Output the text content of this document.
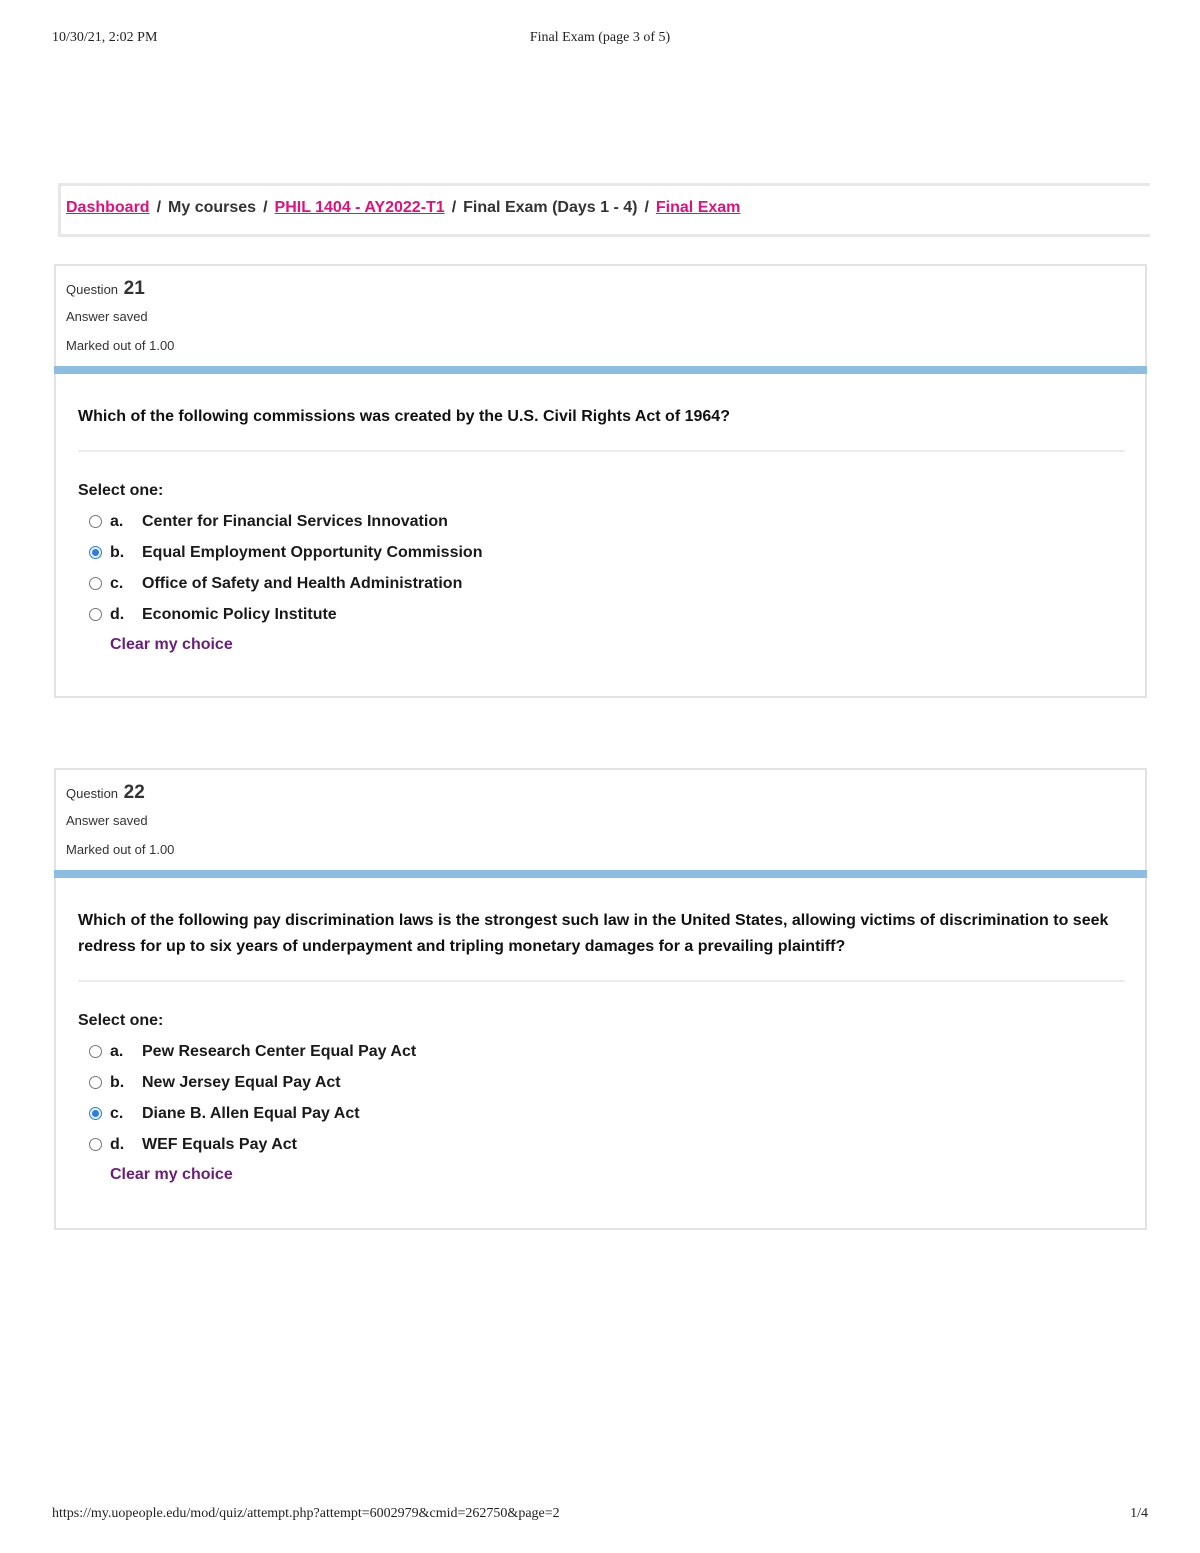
10/30/21, 2:02 PM	Final Exam (page 3 of 5)
Dashboard / My courses / PHIL 1404 - AY2022-T1 / Final Exam (Days 1 - 4) / Final Exam
Question 21
Answer saved
Marked out of 1.00
Which of the following commissions was created by the U.S. Civil Rights Act of 1964?
Select one:
a.	Center for Financial Services Innovation
b.	Equal Employment Opportunity Commission
c.	Office of Safety and Health Administration
d.	Economic Policy Institute
Clear my choice
Question 22
Answer saved
Marked out of 1.00
Which of the following pay discrimination laws is the strongest such law in the United States, allowing victims of discrimination to seek redress for up to six years of underpayment and tripling monetary damages for a prevailing plaintiff?
Select one:
a.	Pew Research Center Equal Pay Act
b.	New Jersey Equal Pay Act
c.	Diane B. Allen Equal Pay Act
d.	WEF Equals Pay Act
Clear my choice
https://my.uopeople.edu/mod/quiz/attempt.php?attempt=6002979&cmid=262750&page=2	1/4
